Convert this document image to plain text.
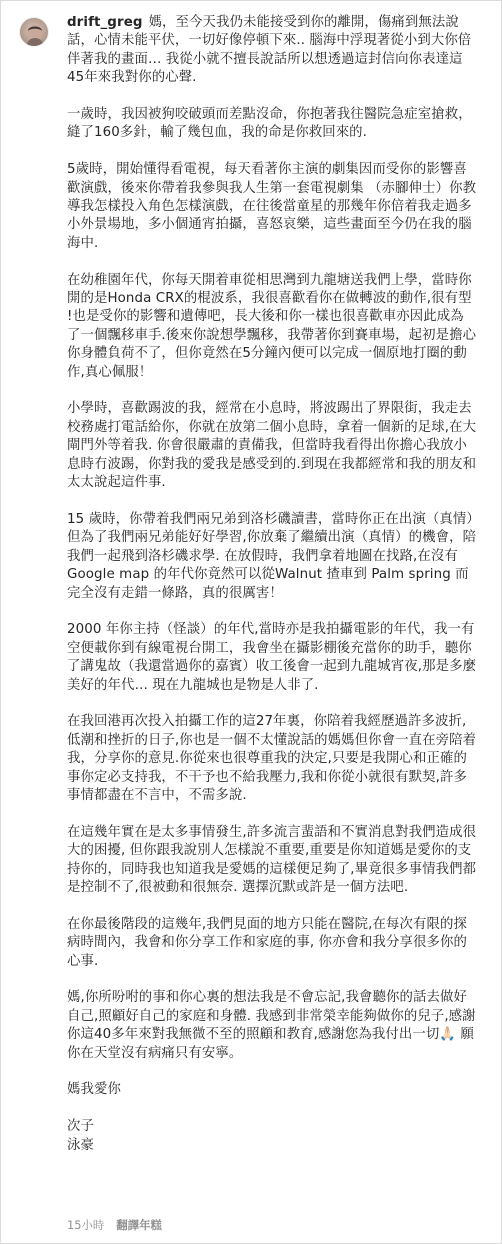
drift_greg 媽，至今天我仍未能接受到你的離開，傷痛到無法說話，心情未能平伏，一切好像停頓下來.. 腦海中浮現著從小到大你倍伴著我的畫面… 我從小就不擅長說話所以想透過這封信向你表達這45年來我對你的心聲.
一歲時，我因被狗咬破頭而差點沒命，你抱著我往醫院急症室搶救，縫了160多針，輸了幾包血，我的命是你救回來的.
5歲時，開始懂得看電視，每天看著你主演的劇集因而受你的影響喜歡演戲，後來你帶着我參與我人生第一套電視劇集 （赤腳伸士）你教導我怎樣投入角色怎樣演戲，在往後當童星的那幾年你倍着我走過多小外景場地，多小個通宵拍攝，喜怒哀樂，這些畫面至今仍在我的腦海中.
在幼稚園年代，你每天開着車從相思灣到九龍塘送我們上學，當時你開的是Honda CRX的棍波系，我很喜歡看你在做轉波的動作,很有型 !也是受你的影響和遺傳吧，長大後和你一樣也很喜歡車亦因此成為了一個飄移車手.後來你說想學飄移，我帶著你到賽車場，起初是擔心你身體負荷不了，但你竟然在5分鐘內便可以完成一個原地打圈的動作,真心佩服！
小學時，喜歡踢波的我，經常在小息時，將波踢出了界限街，我走去校務處打電話給你，你就在放第二個小息時，拿着一個新的足球,在大閘門外等着我. 你會很嚴肅的責備我，但當時我看得出你擔心我放小息時冇波踢，你對我的愛我是感受到的.到現在我都經常和我的朋友和太太說起這件事.
15 歲時，你帶着我們兩兄弟到洛杉磯讀書，當時你正在出演（真情）但為了我們兩兄弟能好好學習,你放棄了繼續出演（真情）的機會，陪我們一起飛到洛杉磯求學. 在放假時，我們拿着地圖在找路,在沒有Google map 的年代你竟然可以從Walnut 揸車到 Palm spring 而完全沒有走錯一條路，真的很厲害！
2000 年你主持（怪談）的年代,當時亦是我拍攝電影的年代，我一有空便載你到有線電視台開工，我會坐在攝影棚後充當你的助手，聽你了講鬼故（我還當過你的嘉賓）收工後會一起到九龍城宵夜,那是多麼美好的年代… 現在九龍城也是物是人非了.
在我回港再次投入拍攝工作的這27年裏，你陪着我經歷過許多波折,低潮和挫折的日子,你也是一個不太懂說話的媽媽但你會一直在旁陪着我，分享你的意見.你從來也很尊重我的決定,只要是我開心和正確的事你定必支持我，不干予也不給我壓力,我和你從小就很有默契,許多事情都盡在不言中，不需多說.
在這幾年實在是太多事情發生,許多流言蜚語和不實消息對我們造成很大的困擾, 但你跟我說別人怎樣說不重要,重要是你知道媽是愛你的支持你的，同時我也知道我是愛媽的這樣便足夠了,畢竟很多事情我們都是控制不了,很被動和很無奈. 選擇沉默或許是一個方法吧.
在你最後階段的這幾年,我們見面的地方只能在醫院,在每次有限的探病時間內，我會和你分享工作和家庭的事, 你亦會和我分享很多你的心事.
媽,你所吩咐的事和你心裏的想法我是不會忘記,我會聽你的話去做好自己,照顧好自己的家庭和身體. 我感到非常榮幸能夠做你的兒子,感謝你這40多年來對我無微不至的照顧和教育,感謝您為我付出一切🙏🏻 願你在天堂沒有病痛只有安寧。
媽我愛你
次子
泳豪
15小時 翻譯年糕
